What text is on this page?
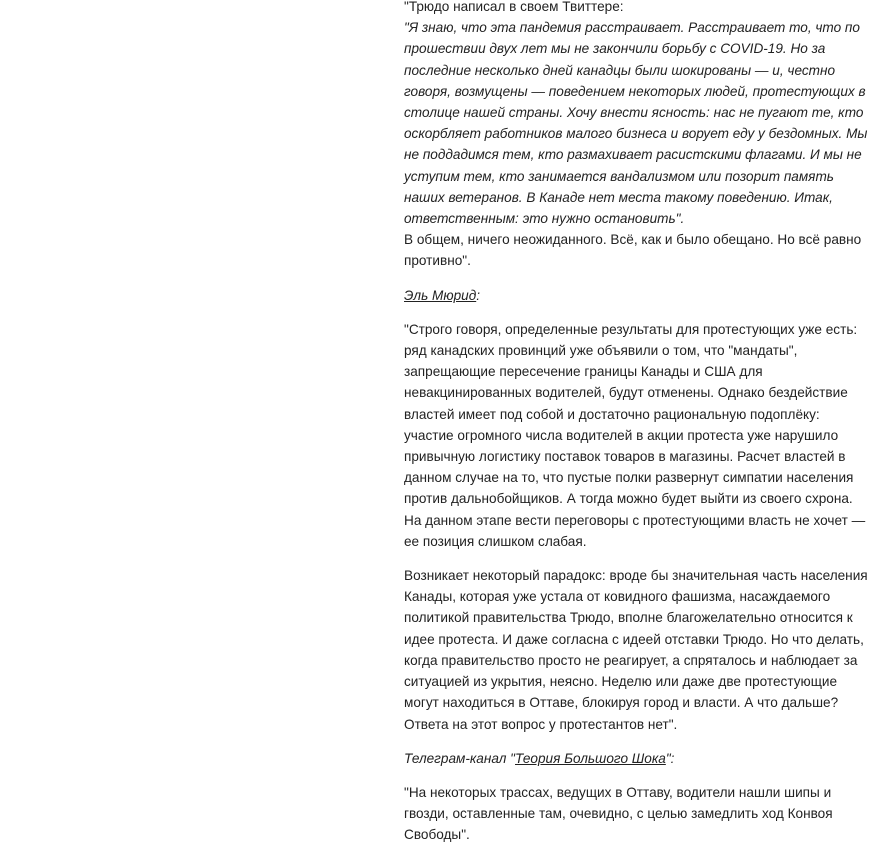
"Трюдо написал в своем Твиттере:

"Я знаю, что эта пандемия расстраивает. Расстраивает то, что по прошествии двух лет мы не закончили борьбу с COVID-19. Но за последние несколько дней канадцы были шокированы — и, честно говоря, возмущены — поведением некоторых людей, протестующих в столице нашей страны. Хочу внести ясность: нас не пугают те, кто оскорбляет работников малого бизнеса и ворует еду у бездомных. Мы не поддадимся тем, кто размахивает расистскими флагами. И мы не уступим тем, кто занимается вандализмом или позорит память наших ветеранов. В Канаде нет места такому поведению. Итак, ответственным: это нужно остановить".

В общем, ничего неожиданного. Всё, как и было обещано. Но всё равно противно".

Эль Мюрид:

"Строго говоря, определенные результаты для протестующих уже есть: ряд канадских провинций уже объявили о том, что "мандаты", запрещающие пересечение границы Канады и США для невакцинированных водителей, будут отменены. Однако бездействие властей имеет под собой и достаточно рациональную подоплёку: участие огромного числа водителей в акции протеста уже нарушило привычную логистику поставок товаров в магазины. Расчет властей в данном случае на то, что пустые полки развернут симпатии населения против дальнобойщиков. А тогда можно будет выйти из своего схрона. На данном этапе вести переговоры с протестующими власть не хочет — ее позиция слишком слабая.

Возникает некоторый парадокс: вроде бы значительная часть населения Канады, которая уже устала от ковидного фашизма, насаждаемого политикой правительства Трюдо, вполне благожелательно относится к идее протеста. И даже согласна с идеей отставки Трюдо. Но что делать, когда правительство просто не реагирует, а спряталось и наблюдает за ситуацией из укрытия, неясно. Неделю или даже две протестующие могут находиться в Оттаве, блокируя город и власти. А что дальше? Ответа на этот вопрос у протестантов нет".

Телеграм-канал "Теория Большого Шока":

"На некоторых трассах, ведущих в Оттаву, водители нашли шипы и гвозди, оставленные там, очевидно, с целью замедлить ход Конвоя Свободы".
